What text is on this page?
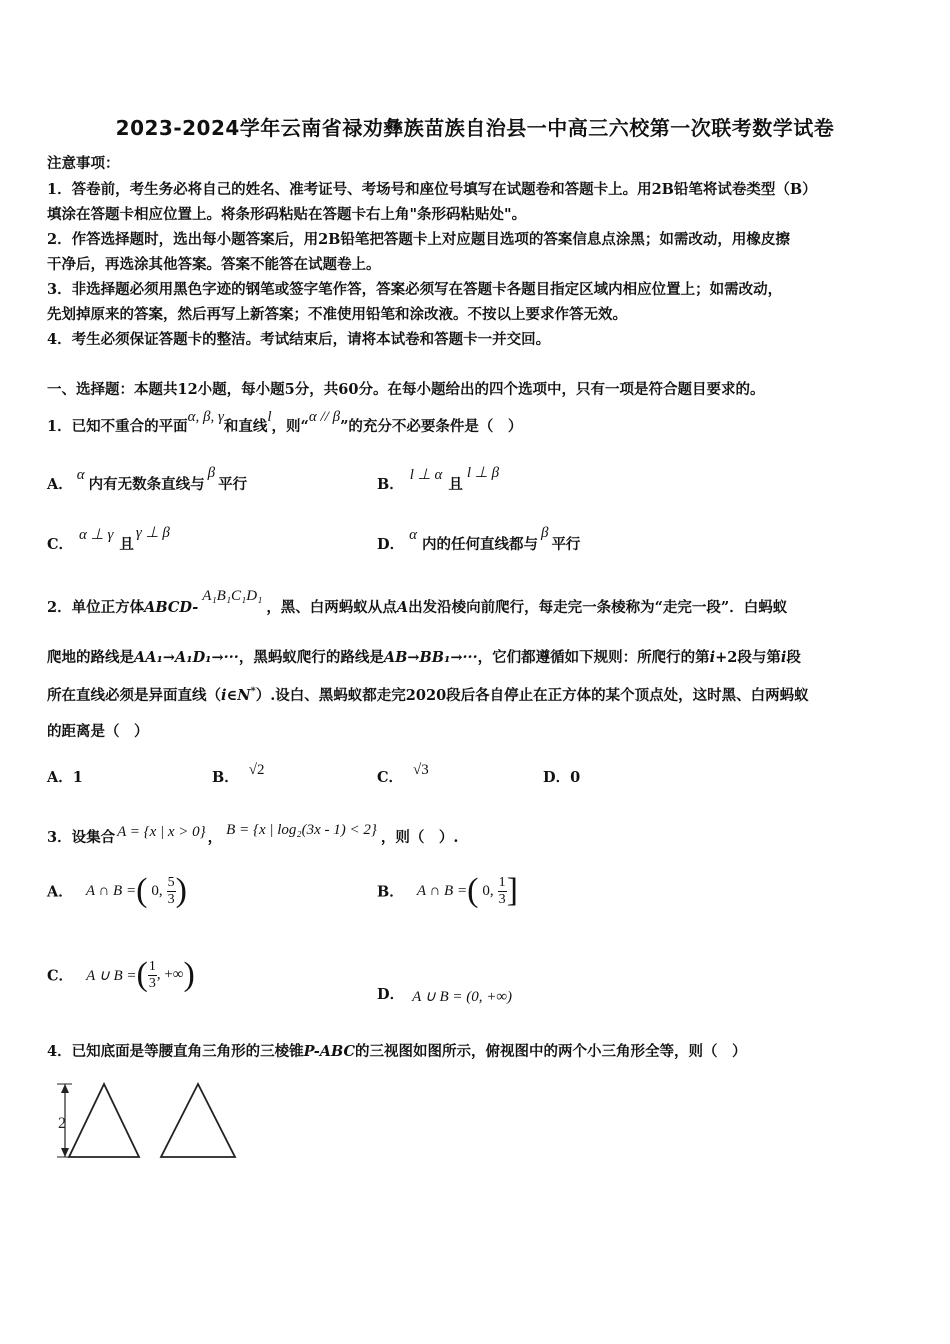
2023-2024学年云南省禄劝彝族苗族自治县一中高三六校第一次联考数学试卷
注意事项：
1．答卷前，考生务必将自己的姓名、准考证号、考场号和座位号填写在试题卷和答题卡上。用2B铅笔将试卷类型（B）
填涂在答题卡相应位置上。将条形码粘贴在答题卡右上角"条形码粘贴处"。
2．作答选择题时，选出每小题答案后，用2B铅笔把答题卡上对应题目选项的答案信息点涂黑；如需改动，用橡皮擦
干净后，再选涂其他答案。答案不能答在试题卷上。
3．非选择题必须用黑色字迹的钢笔或签字笔作答，答案必须写在答题卡各题目指定区域内相应位置上；如需改动，
先划掉原来的答案，然后再写上新答案；不准使用铅笔和涂改液。不按以上要求作答无效。
4．考生必须保证答题卡的整洁。考试结束后，请将本试卷和答题卡一并交回。
一、选择题：本题共12小题，每小题5分，共60分。在每小题给出的四个选项中，只有一项是符合题目要求的。
1．已知不重合的平面α, β, γ和直线l，则“α // β”的充分不必要条件是（　）
A．α内有无数条直线与β平行	B．l ⊥ α且l ⊥ β
C．α ⊥ γ且γ ⊥ β
D．α内的任何直线都与β平行
2．单位正方体ABCD-A₁B₁C₁D₁，黑、白两蚂蚁从点A出发沿棱向前爬行，每走完一条棱称为“走完一段”．白蚂蚁
爬地的路线是AA₁→A₁D₁→···，黑蚂蚁爬行的路线是AB→BB₁→···，它们都遵循如下规则：所爬行的第i+2段与第i段
所在直线必须是异面直线（i∈N*）.设白、黑蚂蚁都走完2020段后各自停止在正方体的某个顶点处，这时黑、白两蚂蚁
的距离是（　）
A．1	B． √2	C． √3	D．0
3．设集合 A = {x | x > 0} ， B = {x | log₂(3x - 1) < 2} ，则（　）.
A． A ∩ B =( 0, $\frac{5}{3}$ )	B． A ∩ B =( 0, $\frac{1}{3}$ ]
C． A ∪ B =( $\frac{1}{3}$ , +∞)
D． A ∪ B = (0, +∞)
4．已知底面是等腰直角三角形的三棱锥P-ABC的三视图如图所示，俯视图中的两个小三角形全等，则（　）
2
